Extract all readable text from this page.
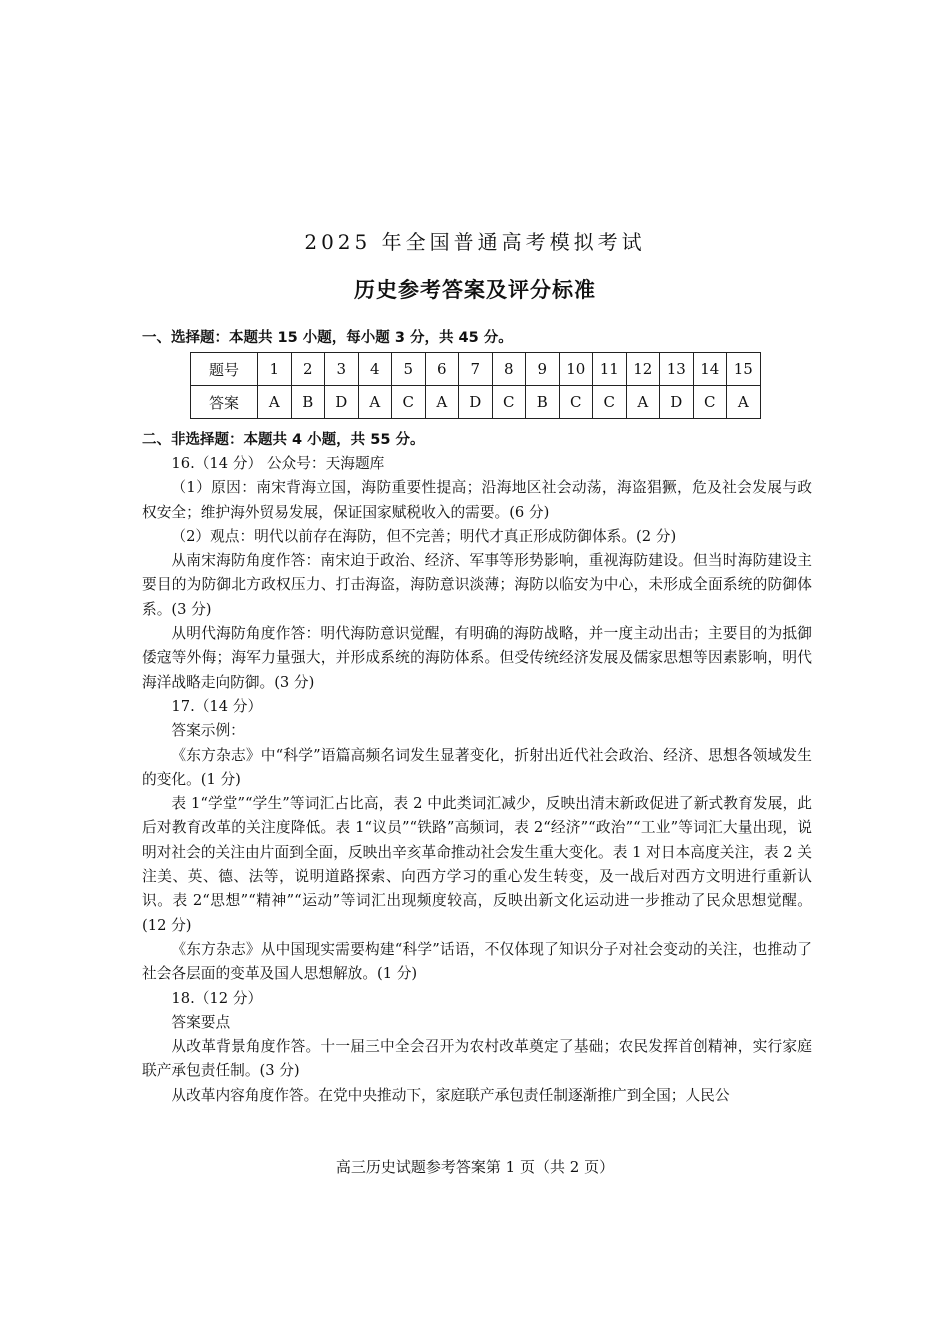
2025 年全国普通高考模拟考试
历史参考答案及评分标准
一、选择题：本题共 15 小题，每小题 3 分，共 45 分。
题号	1	2	3	4	5	6	7	8	9	10	11	12	13	14	15
答案	A	B	D	A	C	A	D	C	B	C	C	A	D	C	A
二、非选择题：本题共 4 小题，共 55 分。

16.（14 分） 公众号：天海题库

（1）原因：南宋背海立国，海防重要性提高；沿海地区社会动荡，海盗猖獗，危及社会发展与政权安全；维护海外贸易发展，保证国家赋税收入的需要。(6 分)

（2）观点：明代以前存在海防，但不完善；明代才真正形成防御体系。(2 分)

从南宋海防角度作答：南宋迫于政治、经济、军事等形势影响，重视海防建设。但当时海防建设主要目的为防御北方政权压力、打击海盗，海防意识淡薄；海防以临安为中心，未形成全面系统的防御体系。(3 分)

从明代海防角度作答：明代海防意识觉醒，有明确的海防战略，并一度主动出击；主要目的为抵御倭寇等外侮；海军力量强大，并形成系统的海防体系。但受传统经济发展及儒家思想等因素影响，明代海洋战略走向防御。(3 分)

17.（14 分）

答案示例：

《东方杂志》中“科学”语篇高频名词发生显著变化，折射出近代社会政治、经济、思想各领域发生的变化。(1 分)

表 1“学堂”“学生”等词汇占比高，表 2 中此类词汇减少，反映出清末新政促进了新式教育发展，此后对教育改革的关注度降低。表 1“议员”“铁路”高频词，表 2“经济”“政治”“工业”等词汇大量出现，说明对社会的关注由片面到全面，反映出辛亥革命推动社会发生重大变化。表 1 对日本高度关注，表 2 关注美、英、德、法等，说明道路探索、向西方学习的重心发生转变，及一战后对西方文明进行重新认识。表 2“思想”“精神”“运动”等词汇出现频度较高，反映出新文化运动进一步推动了民众思想觉醒。(12 分)

《东方杂志》从中国现实需要构建“科学”话语，不仅体现了知识分子对社会变动的关注，也推动了社会各层面的变革及国人思想解放。(1 分)

18.（12 分）

答案要点

从改革背景角度作答。十一届三中全会召开为农村改革奠定了基础；农民发挥首创精神，实行家庭联产承包责任制。(3 分)

从改革内容角度作答。在党中央推动下，家庭联产承包责任制逐渐推广到全国；人民公

高三历史试题参考答案第 1 页（共 2 页）
